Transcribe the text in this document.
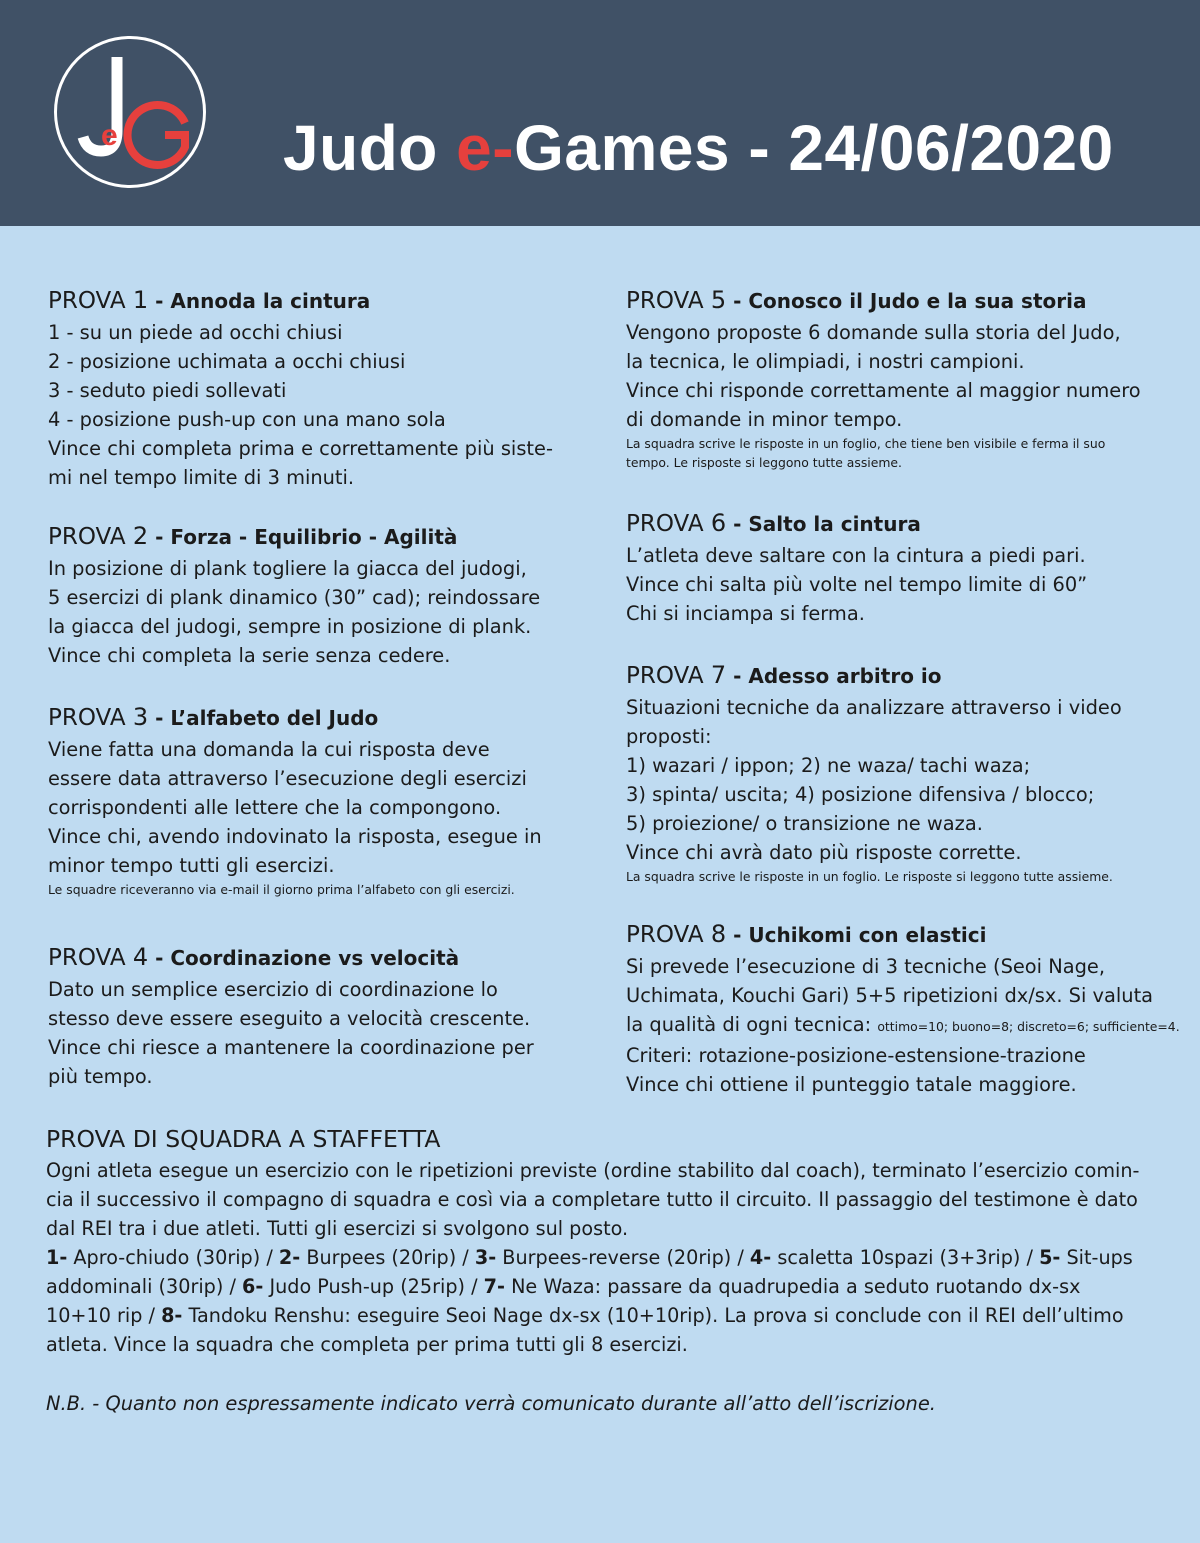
e	Judo e-Games - 24/06/2020
PROVA 1 - Annoda la cintura
1 - su un piede ad occhi chiusi
2 - posizione uchimata a occhi chiusi
3 - seduto piedi sollevati
4 - posizione push-up con una mano sola
Vince chi completa prima e correttamente più siste-
mi nel tempo limite di 3 minuti.
PROVA 2 - Forza - Equilibrio - Agilità
In posizione di plank togliere la giacca del judogi,
5 esercizi di plank dinamico (30” cad); reindossare
la giacca del judogi, sempre in posizione di plank.
Vince chi completa la serie senza cedere.
PROVA 3 - L’alfabeto del Judo
Viene fatta una domanda la cui risposta deve
essere data attraverso l’esecuzione degli esercizi
corrispondenti alle lettere che la compongono.
Vince chi, avendo indovinato la risposta, esegue in
minor tempo tutti gli esercizi.
Le squadre riceveranno via e-mail il giorno prima l’alfabeto con gli esercizi.
PROVA 4 - Coordinazione vs velocità
Dato un semplice esercizio di coordinazione lo
stesso deve essere eseguito a velocità crescente.
Vince chi riesce a mantenere la coordinazione per
più tempo.
PROVA 5 - Conosco il Judo e la sua storia
Vengono proposte 6 domande sulla storia del Judo,
la tecnica, le olimpiadi, i nostri campioni.
Vince chi risponde correttamente al maggior numero
di domande in minor tempo.
La squadra scrive le risposte in un foglio, che tiene ben visibile e ferma il suo
tempo. Le risposte si leggono tutte assieme.
PROVA 6 - Salto la cintura
L’atleta deve saltare con la cintura a piedi pari.
Vince chi salta più volte nel tempo limite di 60”
Chi si inciampa si ferma.
PROVA 7 - Adesso arbitro io
Situazioni tecniche da analizzare attraverso i video
proposti:
1) wazari / ippon; 2) ne waza/ tachi waza;
3) spinta/ uscita; 4) posizione difensiva / blocco;
5) proiezione/ o transizione ne waza.
Vince chi avrà dato più risposte corrette.
La squadra scrive le risposte in un foglio. Le risposte si leggono tutte assieme.
PROVA 8 - Uchikomi con elastici
Si prevede l’esecuzione di 3 tecniche (Seoi Nage,
Uchimata, Kouchi Gari) 5+5 ripetizioni dx/sx. Si valuta
la qualità di ogni tecnica: ottimo=10; buono=8; discreto=6; sufficiente=4.
Criteri: rotazione-posizione-estensione-trazione
Vince chi ottiene il punteggio tatale maggiore.
PROVA DI SQUADRA A STAFFETTA
Ogni atleta esegue un esercizio con le ripetizioni previste (ordine stabilito dal coach), terminato l’esercizio comin-
cia il successivo il compagno di squadra e così via a completare tutto il circuito. Il passaggio del testimone è dato
dal REI tra i due atleti. Tutti gli esercizi si svolgono sul posto.
1- Apro-chiudo (30rip) / 2- Burpees (20rip) / 3- Burpees-reverse (20rip) / 4- scaletta 10spazi (3+3rip) / 5- Sit-ups
addominali (30rip) / 6- Judo Push-up (25rip) / 7- Ne Waza: passare da quadrupedia a seduto ruotando dx-sx
10+10 rip / 8- Tandoku Renshu: eseguire Seoi Nage dx-sx (10+10rip). La prova si conclude con il REI dell’ultimo
atleta. Vince la squadra che completa per prima tutti gli 8 esercizi.
N.B. - Quanto non espressamente indicato verrà comunicato durante all’atto dell’iscrizione.
